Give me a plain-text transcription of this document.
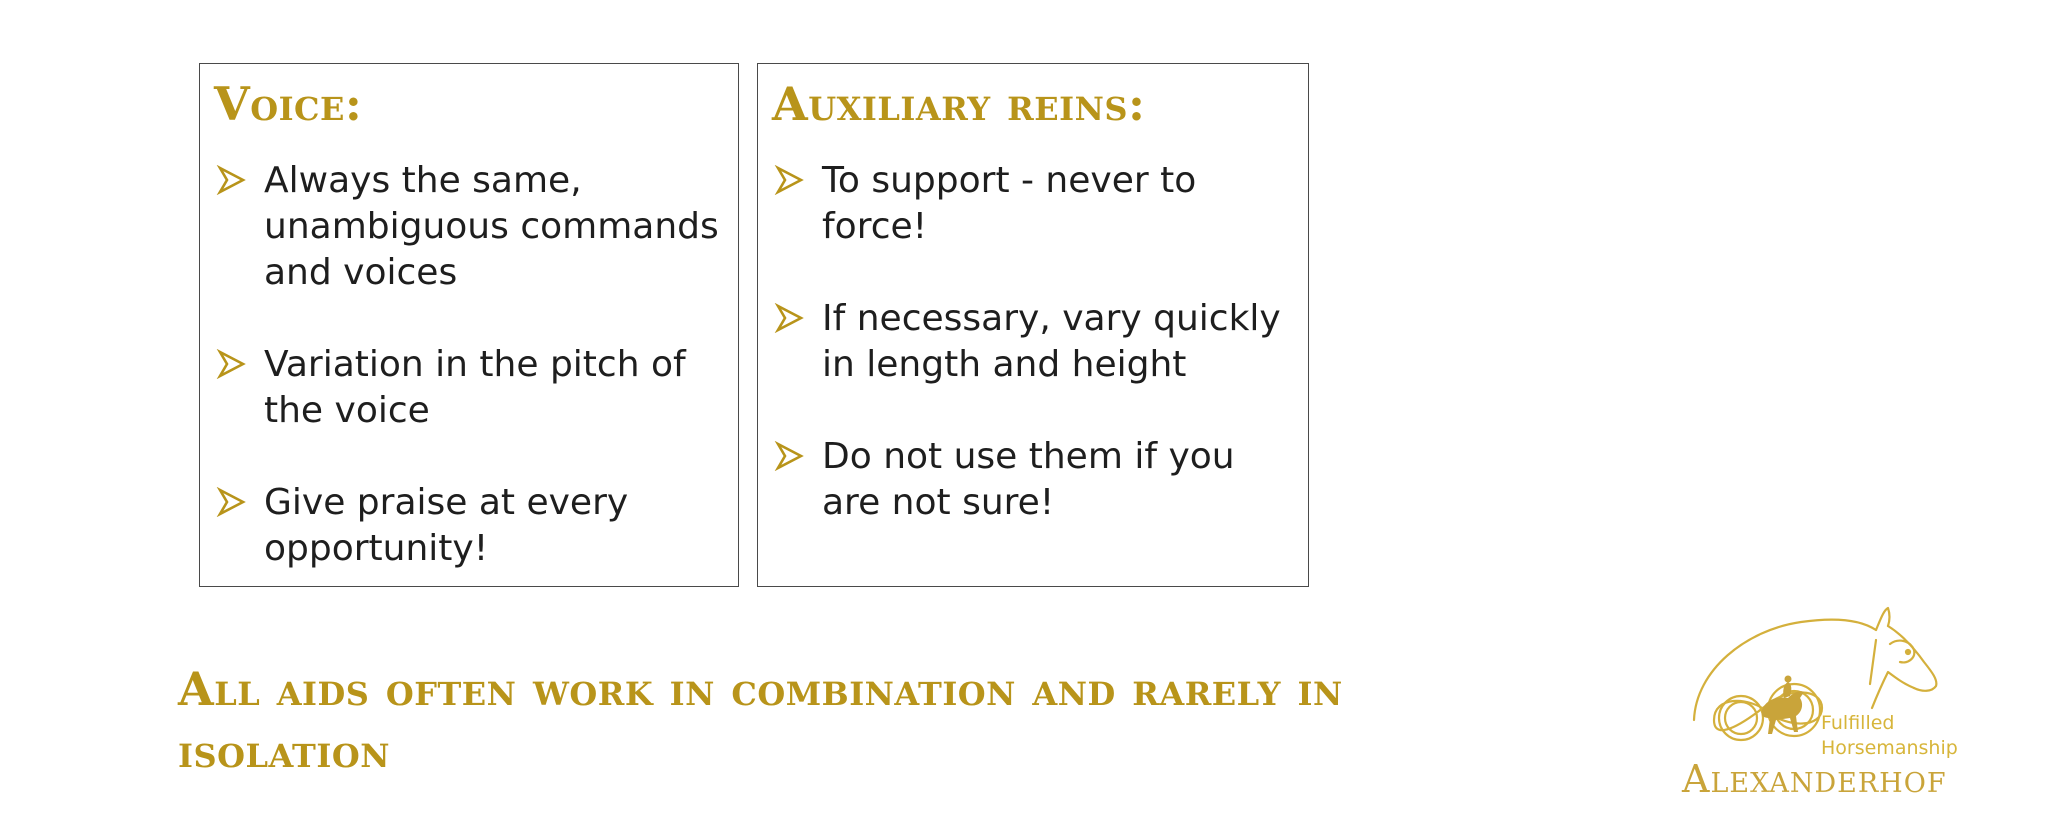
Voice:
Always the same, unambiguous commands and voices
Variation in the pitch of the voice
Give praise at every opportunity!
Auxiliary reins:
To support - never to force!
If necessary, vary quickly in length and height
Do not use them if you are not sure!

All aids often work in combination and rarely in isolation

Fulfilled
Horsemanship
Alexanderhof
